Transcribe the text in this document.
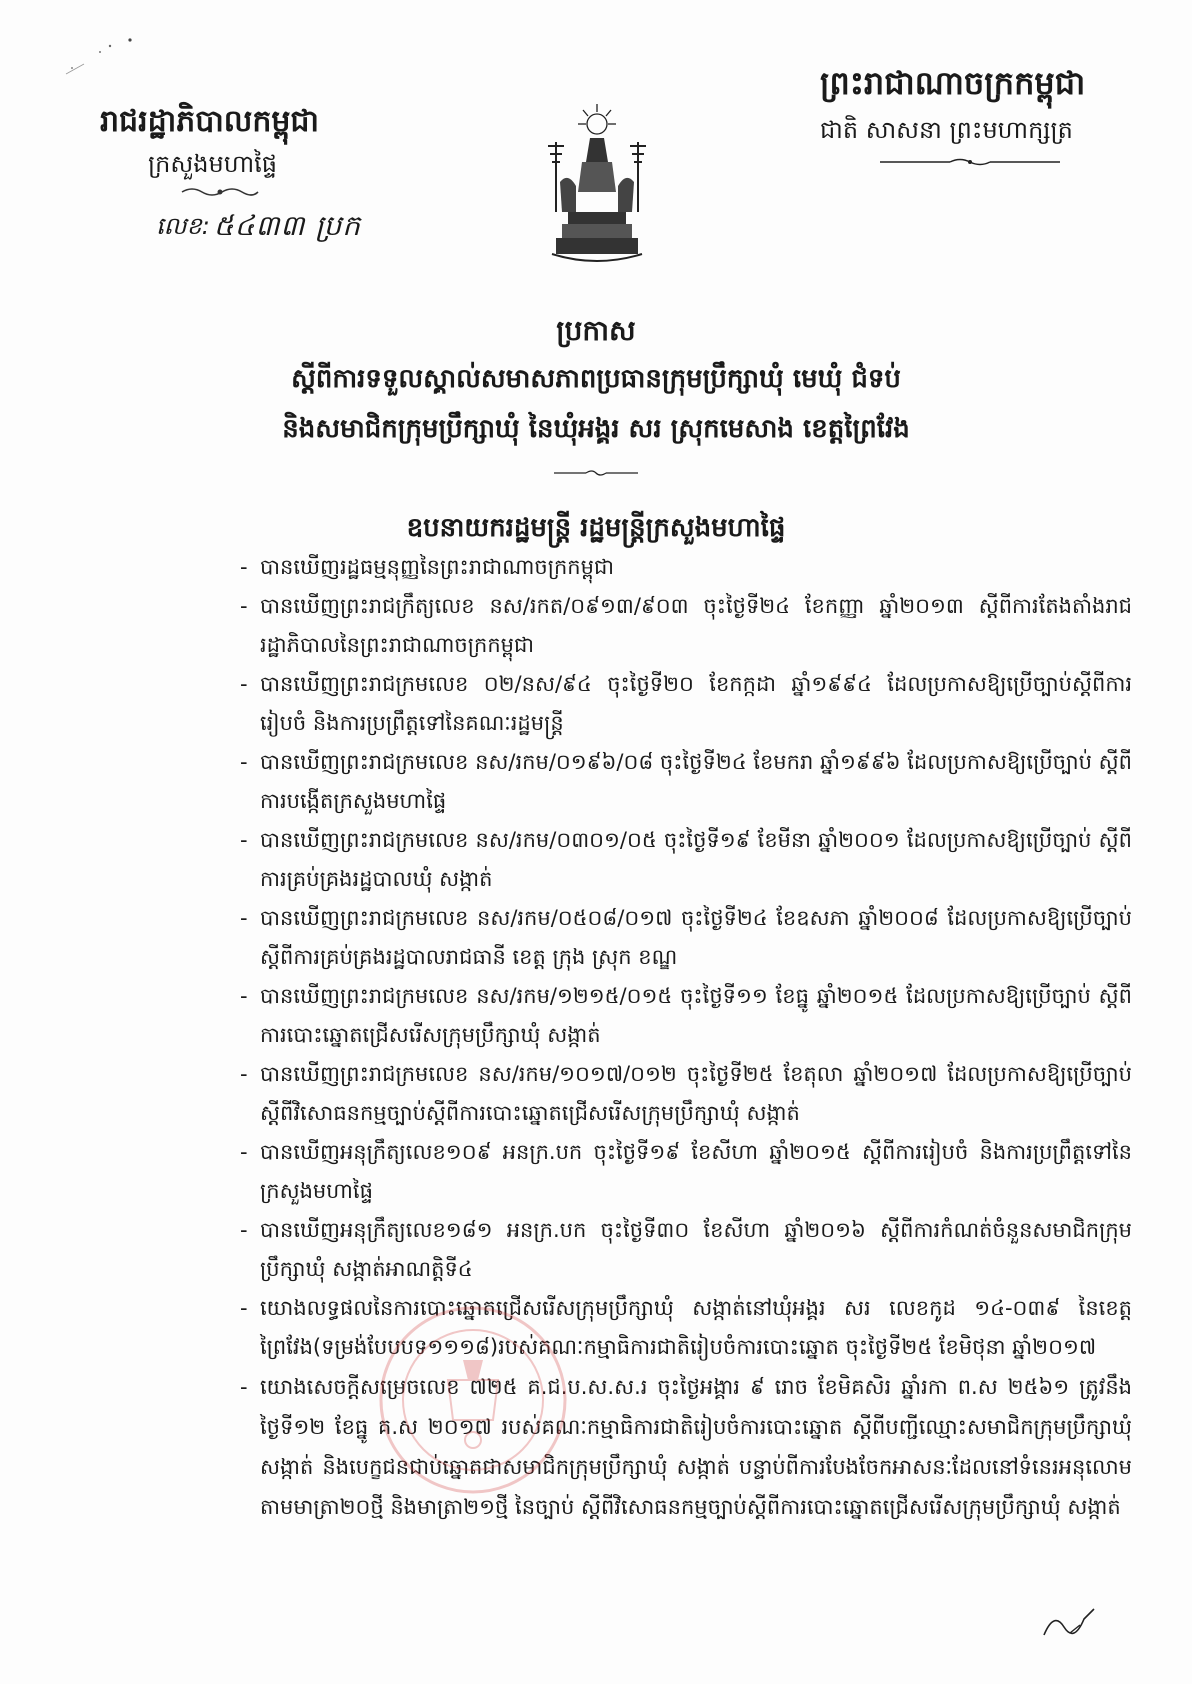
រាជរដ្ឋាភិបាលកម្ពុជា
ក្រសួងមហាផ្ទៃ
លេខ: ៥៤៣៣ ប្រក
ព្រះរាជាណាចក្រកម្ពុជា
ជាតិ សាសនា ព្រះមហាក្សត្រ
ប្រកាស
ស្តីពីការទទួលស្គាល់សមាសភាពប្រធានក្រុមប្រឹក្សាឃុំ មេឃុំ ជំទប់
និងសមាជិកក្រុមប្រឹក្សាឃុំ នៃឃុំអង្គរ សរ ស្រុកមេសាង ខេត្តព្រៃវែង
ឧបនាយករដ្ឋមន្ត្រី រដ្ឋមន្ត្រីក្រសួងមហាផ្ទៃ
- បានឃើញរដ្ឋធម្មនុញ្ញនៃព្រះរាជាណាចក្រកម្ពុជា
- បានឃើញព្រះរាជក្រឹត្យលេខ នស/រកត/០៩១៣/៩០៣ ចុះថ្ងៃទី២៤ ខែកញ្ញា ឆ្នាំ២០១៣ ស្តីពីការតែងតាំងរាជរដ្ឋាភិបាលនៃព្រះរាជាណាចក្រកម្ពុជា
- បានឃើញព្រះរាជក្រមលេខ ០២/នស/៩៤ ចុះថ្ងៃទី២០ ខែកក្កដា ឆ្នាំ១៩៩៤ ដែលប្រកាសឱ្យប្រើច្បាប់ស្តីពីការរៀបចំ និងការប្រព្រឹត្តទៅនៃគណៈរដ្ឋមន្ត្រី
- បានឃើញព្រះរាជក្រមលេខ នស/រកម/០១៩៦/០៨ ចុះថ្ងៃទី២៤ ខែមករា ឆ្នាំ១៩៩៦ ដែលប្រកាសឱ្យប្រើច្បាប់ ស្តីពីការបង្កើតក្រសួងមហាផ្ទៃ
- បានឃើញព្រះរាជក្រមលេខ នស/រកម/០៣០១/០៥ ចុះថ្ងៃទី១៩ ខែមីនា ឆ្នាំ២០០១ ដែលប្រកាសឱ្យប្រើច្បាប់ ស្តីពីការគ្រប់គ្រងរដ្ឋបាលឃុំ សង្កាត់
- បានឃើញព្រះរាជក្រមលេខ នស/រកម/០៥០៨/០១៧ ចុះថ្ងៃទី២៤ ខែឧសភា ឆ្នាំ២០០៨ ដែលប្រកាសឱ្យប្រើច្បាប់ ស្តីពីការគ្រប់គ្រងរដ្ឋបាលរាជធានី ខេត្ត ក្រុង ស្រុក ខណ្ឌ
- បានឃើញព្រះរាជក្រមលេខ នស/រកម/១២១៥/០១៥ ចុះថ្ងៃទី១១ ខែធ្នូ ឆ្នាំ២០១៥ ដែលប្រកាសឱ្យប្រើច្បាប់ ស្តីពីការបោះឆ្នោតជ្រើសរើសក្រុមប្រឹក្សាឃុំ សង្កាត់
- បានឃើញព្រះរាជក្រមលេខ នស/រកម/១០១៧/០១២ ចុះថ្ងៃទី២៥ ខែតុលា ឆ្នាំ២០១៧ ដែលប្រកាសឱ្យប្រើច្បាប់ ស្តីពីវិសោធនកម្មច្បាប់ស្តីពីការបោះឆ្នោតជ្រើសរើសក្រុមប្រឹក្សាឃុំ សង្កាត់
- បានឃើញអនុក្រឹត្យលេខ១០៩ អនក្រ.បក ចុះថ្ងៃទី១៩ ខែសីហា ឆ្នាំ២០១៥ ស្តីពីការរៀបចំ និងការប្រព្រឹត្តទៅនៃក្រសួងមហាផ្ទៃ
- បានឃើញអនុក្រឹត្យលេខ១៨១ អនក្រ.បក ចុះថ្ងៃទី៣០ ខែសីហា ឆ្នាំ២០១៦ ស្តីពីការកំណត់ចំនួនសមាជិកក្រុមប្រឹក្សាឃុំ សង្កាត់អាណត្តិទី៤
- យោងលទ្ធផលនៃការបោះឆ្នោតជ្រើសរើសក្រុមប្រឹក្សាឃុំ សង្កាត់នៅឃុំអង្គរ សរ លេខកូដ ១៤-០៣៩ នៃខេត្តព្រៃវែង(ទម្រង់បែបបទ១១១៨)របស់គណៈកម្មាធិការជាតិរៀបចំការបោះឆ្នោត ចុះថ្ងៃទី២៥ ខែមិថុនា ឆ្នាំ២០១៧
- យោងសេចក្តីសម្រេចលេខ ៧២៥ គ.ជ.ប.ស.ស.រ ចុះថ្ងៃអង្គារ ៩ រោច ខែមិគសិរ ឆ្នាំរកា ព.ស ២៥៦១ ត្រូវនឹងថ្ងៃទី១២ ខែធ្នូ គ.ស ២០១៧ របស់គណៈកម្មាធិការជាតិរៀបចំការបោះឆ្នោត ស្តីពីបញ្ជីឈ្មោះសមាជិកក្រុមប្រឹក្សាឃុំ សង្កាត់ និងបេក្ខជនជាប់ឆ្នោតជាសមាជិកក្រុមប្រឹក្សាឃុំ សង្កាត់ បន្ទាប់ពីការបែងចែកអាសនៈដែលនៅទំនេរអនុលោមតាមមាត្រា២០ថ្មី និងមាត្រា២១ថ្មី នៃច្បាប់ ស្តីពីវិសោធនកម្មច្បាប់ស្តីពីការបោះឆ្នោតជ្រើសរើសក្រុមប្រឹក្សាឃុំ សង្កាត់
